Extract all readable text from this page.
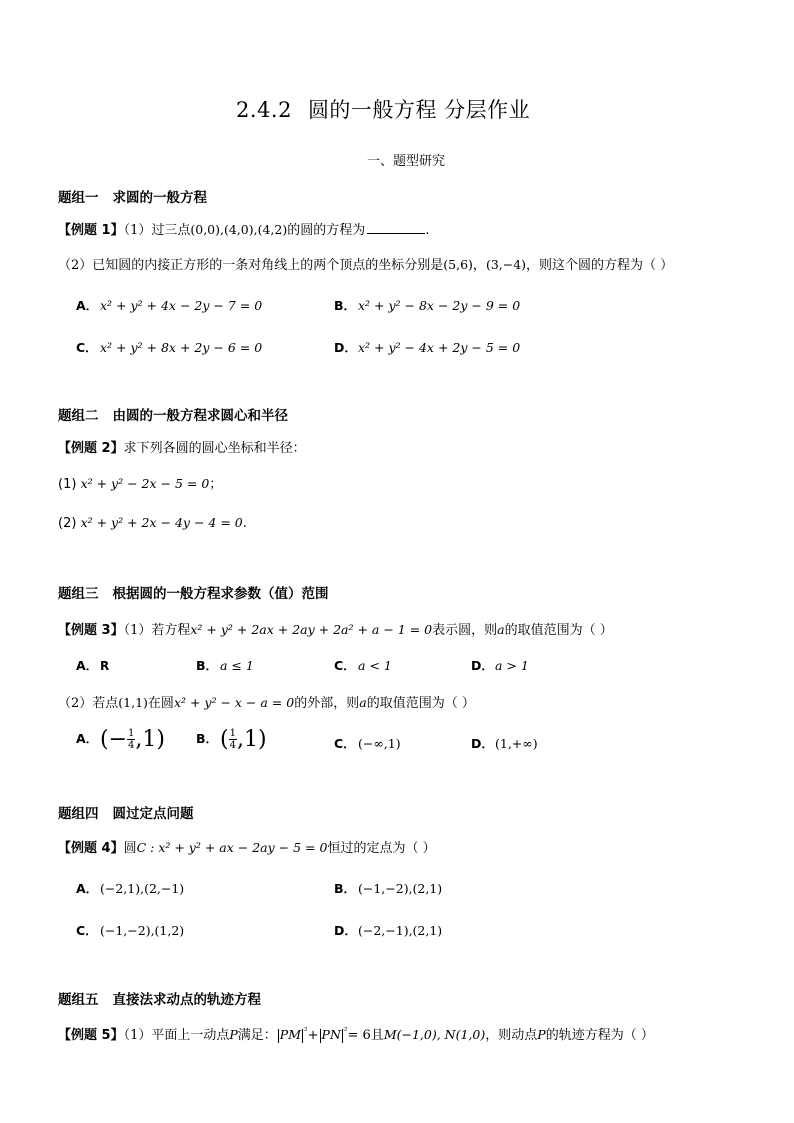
2.4.2 圆的一般方程 分层作业
一、题型研究
题组一 求圆的一般方程
【例题 1】（1）过三点(0,0),(4,0),(4,2)的圆的方程为	.
（2）已知圆的内接正方形的一条对角线上的两个顶点的坐标分别是(5,6)，(3,−4)，则这个圆的方程为（ ）
A． x² + y² + 4x − 2y − 7 = 0	B． x² + y² − 8x − 2y − 9 = 0
C． x² + y² + 8x + 2y − 6 = 0	D．x² + y² − 4x + 2y − 5 = 0
题组二 由圆的一般方程求圆心和半径
【例题 2】求下列各圆的圆心坐标和半径：
(1) x² + y² − 2x − 5 = 0；
(2) x² + y² + 2x − 4y − 4 = 0.
题组三 根据圆的一般方程求参数（值）范围
【例题 3】（1）若方程x² + y² + 2ax + 2ay + 2a² + a − 1 = 0表示圆，则a的取值范围为（ ）
A． R	B． a ≤ 1	C． a < 1	D．a > 1
（2）若点(1,1)在圆x² + y² − x − a = 0的外部，则a的取值范围为（ ）
A．(− $\frac{1}{4} ,1$) B．( $\frac{1}{4} ,1$)	C． (−∞,1)	D．(1,+∞)
题组四 圆过定点问题
【例题 4】圆C : x² + y² + ax − 2ay − 5 = 0恒过的定点为（ ）
A． (−2,1),(2,−1)	B． (−1,−2),(2,1)
C． (−1,−2),(1,2)	D．(−2,−1),(2,1)
题组五 直接法求动点的轨迹方程
【例题 5】（1）平面上一动点P满足： PM $^{^2}$+ PN $^{^2}$= 6且M(−1,0), N(1,0)，则动点P的轨迹方程为（ ）
